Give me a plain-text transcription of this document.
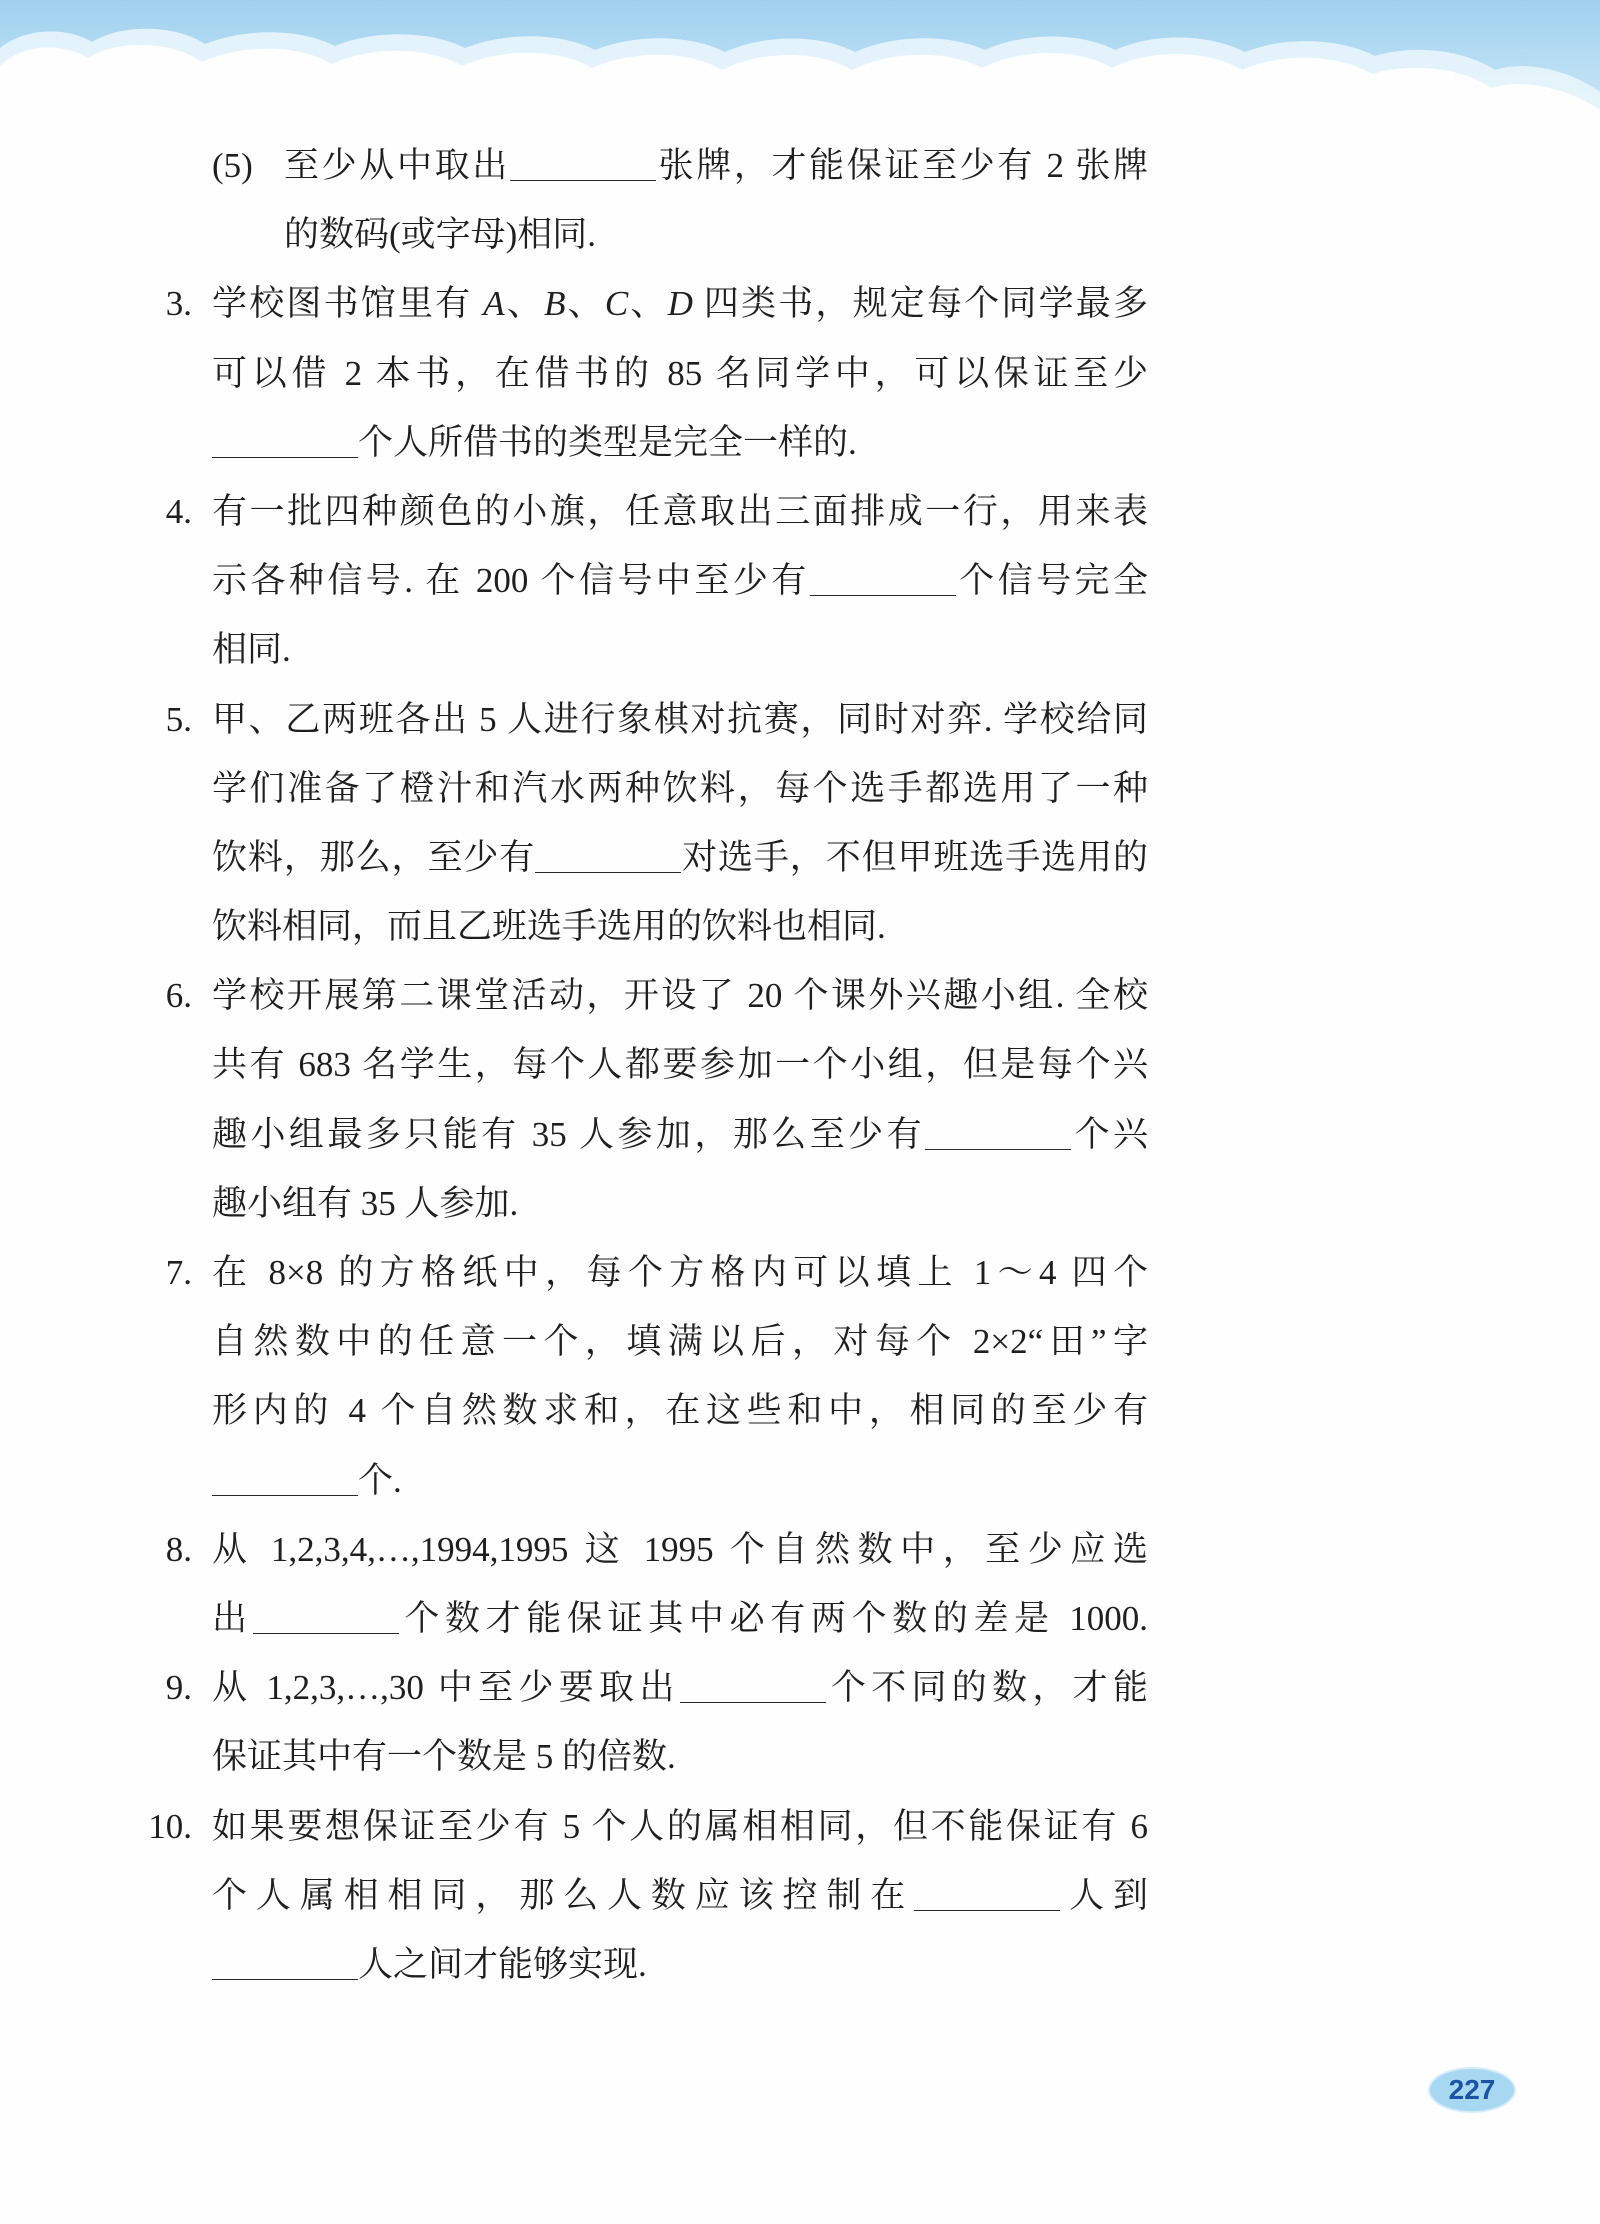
(5) 至少从中取出	张牌，才能保证至少有 2 张牌
的数码(或字母)相同.
3. 学校图书馆里有 A、B、C、D 四类书，规定每个同学最多
可以借 2 本书，在借书的 85 名同学中，可以保证至少
个人所借书的类型是完全一样的.
4. 有一批四种颜色的小旗，任意取出三面排成一行，用来表
示各种信号. 在 200 个信号中至少有	个信号完全
相同.
5. 甲、乙两班各出 5 人进行象棋对抗赛，同时对弈. 学校给同
学们准备了橙汁和汽水两种饮料，每个选手都选用了一种
饮料，那么，至少有	对选手，不但甲班选手选用的
饮料相同，而且乙班选手选用的饮料也相同.
6. 学校开展第二课堂活动，开设了 20 个课外兴趣小组. 全校
共有 683 名学生，每个人都要参加一个小组，但是每个兴
趣小组最多只能有 35 人参加，那么至少有	个兴
趣小组有 35 人参加.
7. 在 8×8 的方格纸中，每个方格内可以填上 1～4 四个
自然数中的任意一个，填满以后，对每个 2×2“田”字
形内的 4 个自然数求和，在这些和中，相同的至少有
个.
8. 从 1,2,3,4,…,1994,1995 这 1995 个自然数中，至少应选
出	个数才能保证其中必有两个数的差是 1000.
9. 从 1,2,3,…,30 中至少要取出	个不同的数，才能
保证其中有一个数是 5 的倍数.
10. 如果要想保证至少有 5 个人的属相相同，但不能保证有 6
个人属相相同，那么人数应该控制在	人到
人之间才能够实现.
227
